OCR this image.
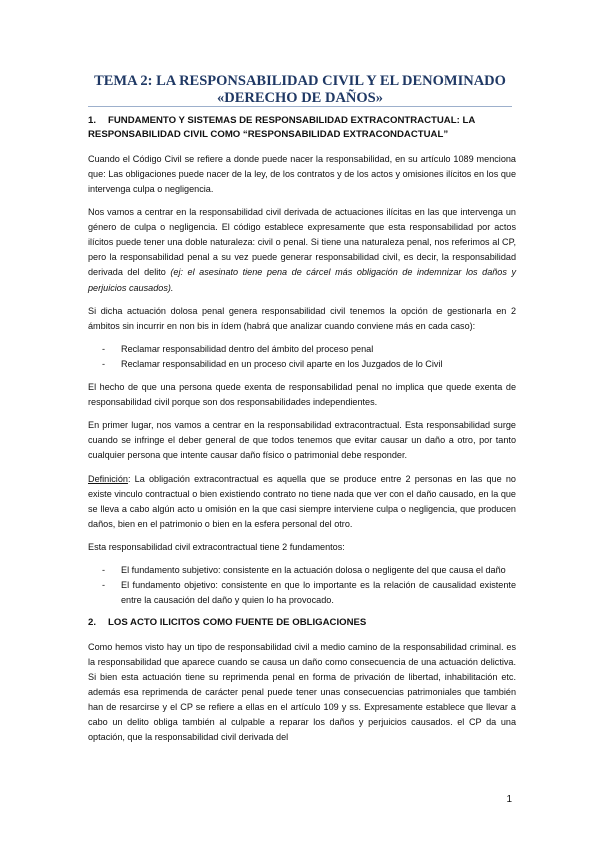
TEMA 2: LA RESPONSABILIDAD CIVIL Y EL DENOMINADO
«DERECHO DE DAÑOS»
1. FUNDAMENTO Y SISTEMAS DE RESPONSABILIDAD EXTRACONTRACTUAL: LA RESPONSABILIDAD CIVIL COMO “RESPONSABILIDAD EXTRACONDACTUAL”

Cuando el Código Civil se refiere a donde puede nacer la responsabilidad, en su artículo 1089 menciona que: Las obligaciones puede nacer de la ley, de los contratos y de los actos y omisiones ilícitos en los que intervenga culpa o negligencia.

Nos vamos a centrar en la responsabilidad civil derivada de actuaciones ilícitas en las que intervenga un género de culpa o negligencia. El código establece expresamente que esta responsabilidad por actos ilícitos puede tener una doble naturaleza: civil o penal. Si tiene una naturaleza penal, nos referimos al CP, pero la responsabilidad penal a su vez puede generar responsabilidad civil, es decir, la responsabilidad derivada del delito (ej: el asesinato tiene pena de cárcel más obligación de indemnizar los daños y perjuicios causados).

Si dicha actuación dolosa penal genera responsabilidad civil tenemos la opción de gestionarla en 2 ámbitos sin incurrir en non bis in ídem (habrá que analizar cuando conviene más en cada caso):

- Reclamar responsabilidad dentro del ámbito del proceso penal
- Reclamar responsabilidad en un proceso civil aparte en los Juzgados de lo Civil

El hecho de que una persona quede exenta de responsabilidad penal no implica que quede exenta de responsabilidad civil porque son dos responsabilidades independientes.

En primer lugar, nos vamos a centrar en la responsabilidad extracontractual. Esta responsabilidad surge cuando se infringe el deber general de que todos tenemos que evitar causar un daño a otro, por tanto cualquier persona que intente causar daño físico o patrimonial debe responder.

Definición: La obligación extracontractual es aquella que se produce entre 2 personas en las que no existe vinculo contractual o bien existiendo contrato no tiene nada que ver con el daño causado, en la que se lleva a cabo algún acto u omisión en la que casi siempre interviene culpa o negligencia, que producen daños, bien en el patrimonio o bien en la esfera personal del otro.

Esta responsabilidad civil extracontractual tiene 2 fundamentos:

- El fundamento subjetivo: consistente en la actuación dolosa o negligente del que causa el daño
- El fundamento objetivo: consistente en que lo importante es la relación de causalidad existente entre la causación del daño y quien lo ha provocado.
2. LOS ACTO ILICITOS COMO FUENTE DE OBLIGACIONES

Como hemos visto hay un tipo de responsabilidad civil a medio camino de la responsabilidad criminal. es la responsabilidad que aparece cuando se causa un daño como consecuencia de una actuación delictiva. Si bien esta actuación tiene su reprimenda penal en forma de privación de libertad, inhabilitación etc. además esa reprimenda de carácter penal puede tener unas consecuencias patrimoniales que también han de resarcirse y el CP se refiere a ellas en el artículo 109 y ss. Expresamente establece que llevar a cabo un delito obliga también al culpable a reparar los daños y perjuicios causados. el CP da una optación, que la responsabilidad civil derivada del

1
